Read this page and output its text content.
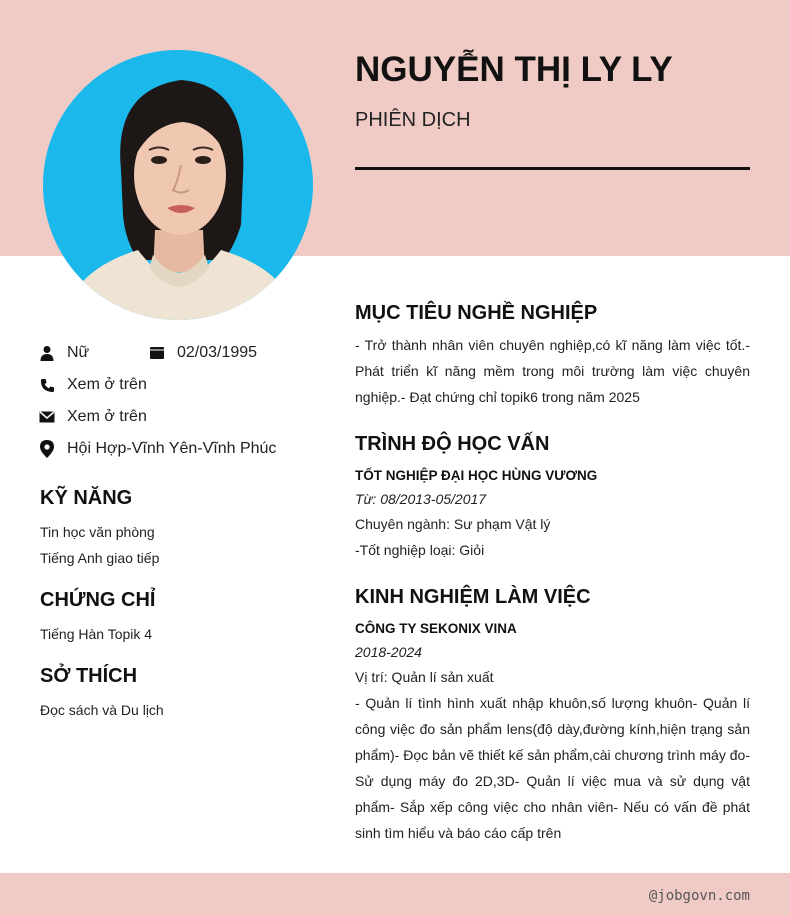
NGUYỄN THỊ LY LY
PHIÊN DỊCH
Nữ	02/03/1995
Xem ở trên
Xem ở trên
Hội Hợp-Vĩnh Yên-Vĩnh Phúc
KỸ NĂNG
Tin học văn phòng
Tiếng Anh giao tiếp
CHỨNG CHỈ
Tiếng Hàn Topik 4
SỞ THÍCH
Đọc sách và Du lịch
MỤC TIÊU NGHỀ NGHIỆP
- Trở thành nhân viên chuyên nghiệp,có kĩ năng làm việc tốt.- Phát triển kĩ năng mềm trong môi trường làm việc chuyên nghiệp.- Đạt chứng chỉ topik6 trong năm 2025
TRÌNH ĐỘ HỌC VẤN
TỐT NGHIỆP ĐẠI HỌC HÙNG VƯƠNG
Từ: 08/2013-05/2017
Chuyên ngành: Sư phạm Vật lý
-Tốt nghiệp loại: Giỏi
KINH NGHIỆM LÀM VIỆC
CÔNG TY SEKONIX VINA
2018-2024
Vị trí: Quản lí sản xuất
- Quản lí tình hình xuất nhập khuôn,số lượng khuôn- Quản lí công việc đo sản phẩm lens(độ dày,đường kính,hiện trạng sản phẩm)- Đọc bản vẽ thiết kế sản phẩm,cài chương trình máy đo- Sử dụng máy đo 2D,3D- Quản lí việc mua và sử dụng vật phẩm- Sắp xếp công việc cho nhân viên- Nếu có vấn đề phát sinh tìm hiểu và báo cáo cấp trên
@jobgovn.com
